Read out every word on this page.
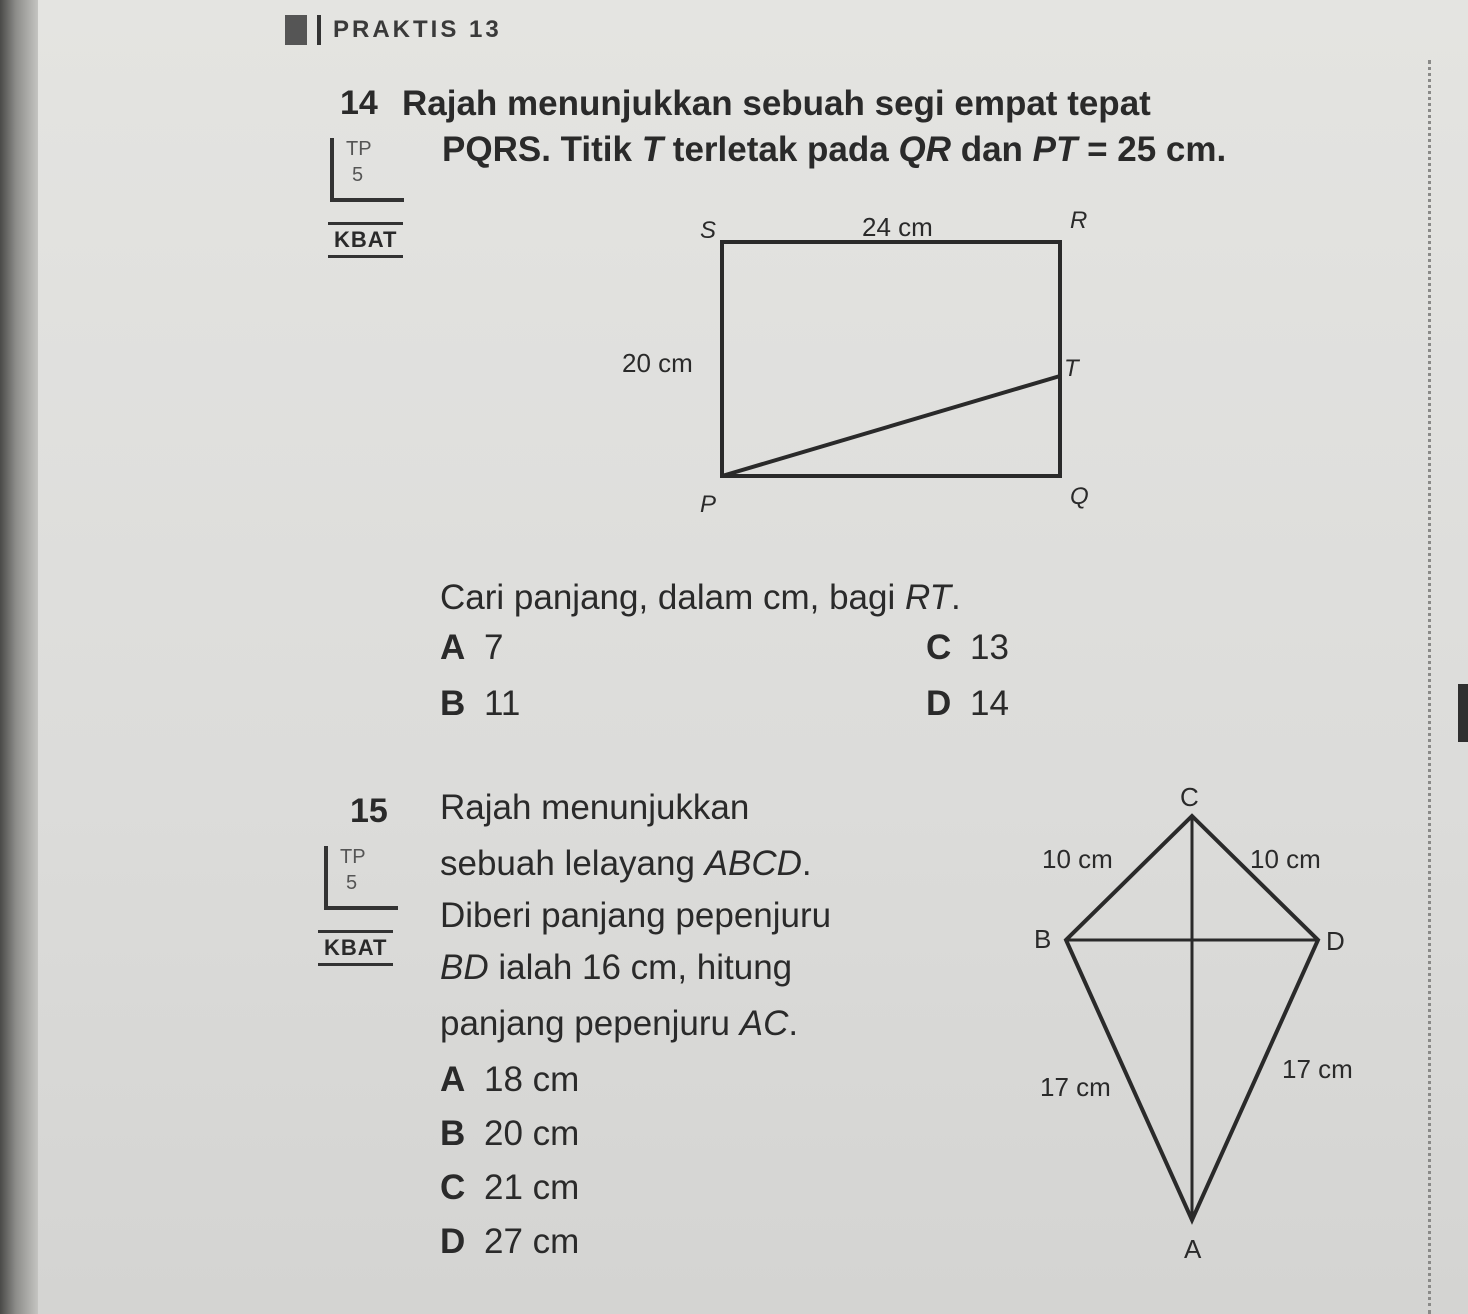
PRAKTIS 13
14 Rajah menunjukkan sebuah segi empat tepat
PQRS. Titik T terletak pada QR dan PT = 25 cm.
TP
5
KBAT	S	R
T
P	Q
24 cm
20 cm
C
B	D
A
10 cm	10 cm
17 cm
17 cm
Cari panjang, dalam cm, bagi RT.
A 7	C 13
B 11	D 14
15 Rajah menunjukkan
sebuah lelayang ABCD.
Diberi panjang pepenjuru
BD ialah 16 cm, hitung
panjang pepenjuru AC.
TP
5
KBAT
A 18 cm
B 20 cm
C 21 cm
D 27 cm
